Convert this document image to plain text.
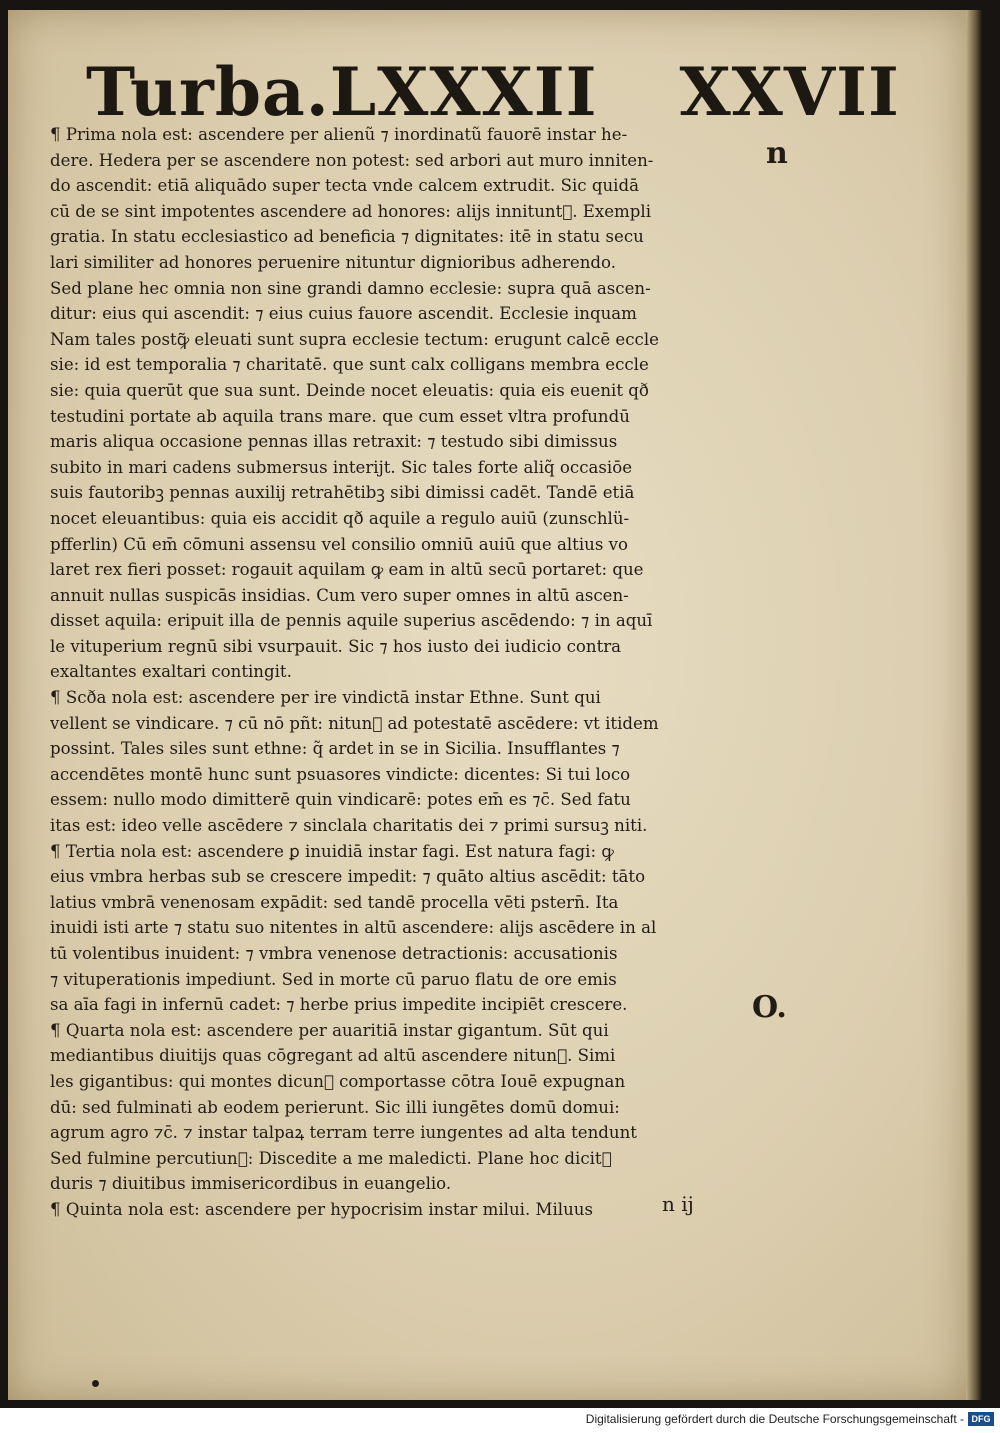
Turba.LXXXII XXVII
n
O.
¶ Prima nola est: ascendere per alienũ ⁊ inordinatũ fauorē instar he-
dere. Hedera per se ascendere non potest: sed arbori aut muro inniten-
do ascendit: etiā aliquādo super tecta vnde calcem extrudit. Sic quidā
cū de se sint impotentes ascendere ad honores: alijs innituntᷣ. Exempli
gratia. In statu ecclesiastico ad beneficia ⁊ dignitates: itē in statu secu
lari similiter ad honores peruenire nituntur dignioribus adherendo.
Sed plane hec omnia non sine grandi damno ecclesie: supra quā ascen-
ditur: eius qui ascendit: ⁊ eius cuius fauore ascendit. Ecclesie inquam
Nam tales postꝙ̃ eleuati sunt supra ecclesie tectum: erugunt calcē eccle
sie: id est temporalia ⁊ charitatē. que sunt calx colligans membra eccle
sie: quia querūt que sua sunt. Deinde nocet eleuatis: quia eis euenit qð
testudini portate ab aquila trans mare. que cum esset vltra profundū
maris aliqua occasione pennas illas retraxit: ⁊ testudo sibi dimissus
subito in mari cadens submersus interijt. Sic tales forte aliq̃ occasiōe
suis fautoribꝫ pennas auxilij retrahētibꝫ sibi dimissi cadēt. Tandē etiā
nocet eleuantibus: quia eis accidit qð aquile a regulo auiū (zunschlü-
pfferlin) Cū em̄ cōmuni assensu vel consilio omniū auiū que altius vo
laret rex fieri posset: rogauit aquilam ꝙ eam in altū secū portaret: que
annuit nullas suspicās insidias. Cum vero super omnes in altū ascen-
disset aquila: eripuit illa de pennis aquile superius ascēdendo: ⁊ in aquī
le vituperium regnū sibi vsurpauit. Sic ⁊ hos iusto dei iudicio contra
exaltantes exaltari contingit.
¶ Scða nola est: ascendere per ire vindictā instar Ethne. Sunt qui
vellent se vindicare. ⁊ cū nō pñt: nitunᷣ ad potestatē ascēdere: vt itidem
possint. Tales siles sunt ethne: q̃ ardet in se in Sicilia. Insufflantes ⁊
accendētes montē hunc sunt psuasores vindicte: dicentes: Si tui loco
essem: nullo modo dimitterē quin vindicarē: potes em̄ es ⁊c̄. Sed fatu
itas est: ideo velle ascēdere ⁊ sinclala charitatis dei ⁊ primi sursuꝫ niti.
¶ Tertia nola est: ascendere ꝑ inuidiā instar fagi. Est natura fagi: ꝙ
eius vmbra herbas sub se crescere impedit: ⁊ quāto altius ascēdit: tāto
latius vmbrā venenosam expādit: sed tandē procella vēti pstern̄. Ita
inuidi isti arte ⁊ statu suo nitentes in altū ascendere: alijs ascēdere in al
tū volentibus inuident: ⁊ vmbra venenose detractionis: accusationis
⁊ vituperationis impediunt. Sed in morte cū paruo flatu de ore emis
sa aīa fagi in infernū cadet: ⁊ herbe prius impedite incipiēt crescere.
¶ Quarta nola est: ascendere per auaritiā instar gigantum. Sūt qui
mediantibus diuitijs quas cōgregant ad altū ascendere nitunᷣ. Simi
les gigantibus: qui montes dicunᷣ comportasse cōtra Iouē expugnan
dū: sed fulminati ab eodem perierunt. Sic illi iungētes domū domui:
agrum agro ⁊c̄. ⁊ instar talpaꝝ terram terre iungentes ad alta tendunt
Sed fulmine percutiunᷣ: Discedite a me maledicti. Plane hoc dicitᷣ
duris ⁊ diuitibus immisericordibus in euangelio.
¶ Quinta nola est: ascendere per hypocrisim instar milui. Miluus	n ij
Digitalisierung gefördert durch die Deutsche Forschungsgemeinschaft - DFG
